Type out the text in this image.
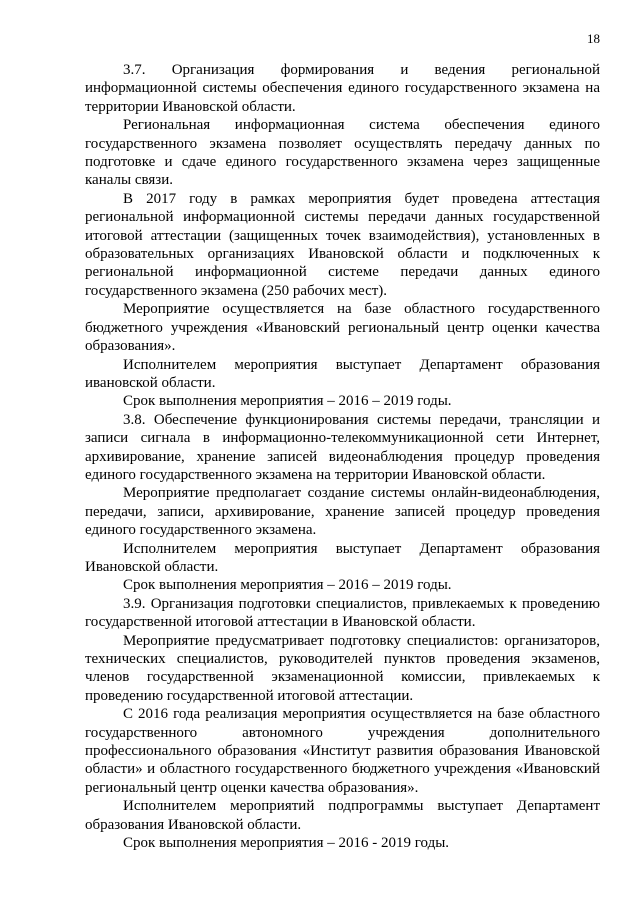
18

3.7. Организация формирования и ведения региональной информационной системы обеспечения единого государственного экзамена на территории Ивановской области.

Региональная информационная система обеспечения единого государственного экзамена позволяет осуществлять передачу данных по подготовке и сдаче единого государственного экзамена через защищенные каналы связи.

В 2017 году в рамках мероприятия будет проведена аттестация региональной информационной системы передачи данных государственной итоговой аттестации (защищенных точек взаимодействия), установленных в образовательных организациях Ивановской области и подключенных к региональной информационной системе передачи данных единого государственного экзамена (250 рабочих мест).

Мероприятие осуществляется на базе областного государственного бюджетного учреждения «Ивановский региональный центр оценки качества образования».

Исполнителем мероприятия выступает Департамент образования ивановской области.

Срок выполнения мероприятия – 2016 – 2019 годы.

3.8. Обеспечение функционирования системы передачи, трансляции и записи сигнала в информационно-телекоммуникационной сети Интернет, архивирование, хранение записей видеонаблюдения процедур проведения единого государственного экзамена на территории Ивановской области.

Мероприятие предполагает создание системы онлайн-видеонаблюдения, передачи, записи, архивирование, хранение записей процедур проведения единого государственного экзамена.

Исполнителем мероприятия выступает Департамент образования Ивановской области.

Срок выполнения мероприятия – 2016 – 2019 годы.

3.9. Организация подготовки специалистов, привлекаемых к проведению государственной итоговой аттестации в Ивановской области.

Мероприятие предусматривает подготовку специалистов: организаторов, технических специалистов, руководителей пунктов проведения экзаменов, членов государственной экзаменационной комиссии, привлекаемых к проведению государственной итоговой аттестации.

С 2016 года реализация мероприятия осуществляется на базе областного государственного автономного учреждения дополнительного профессионального образования «Институт развития образования Ивановской области» и областного государственного бюджетного учреждения «Ивановский региональный центр оценки качества образования».

Исполнителем мероприятий подпрограммы выступает Департамент образования Ивановской области.

Срок выполнения мероприятия – 2016 - 2019 годы.
